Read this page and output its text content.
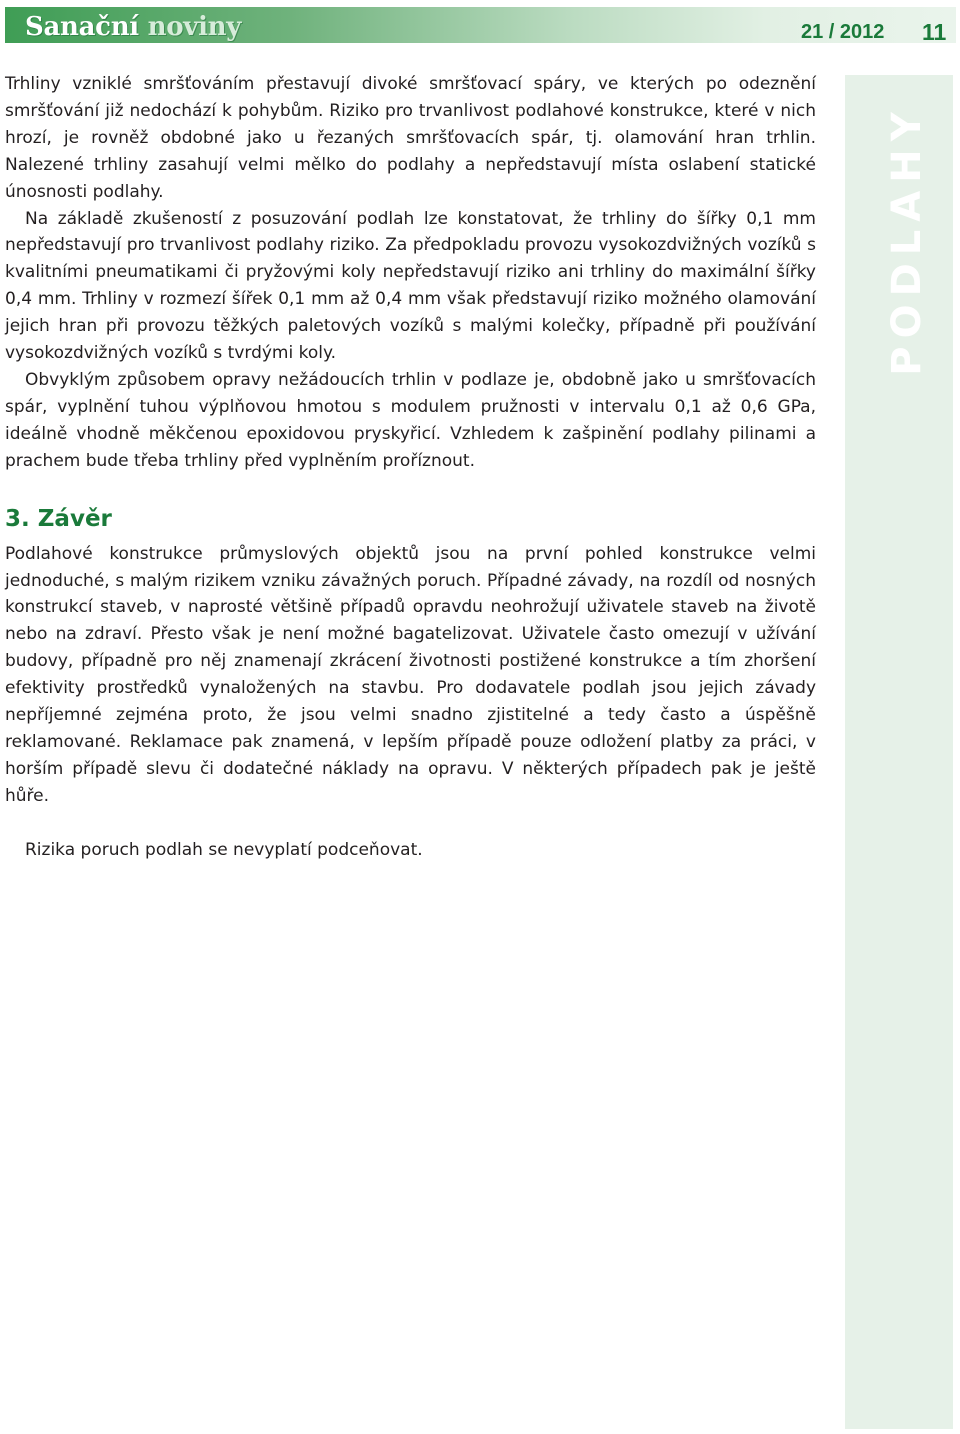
Sanační noviny	21 / 2012 11
PODLAHY

Trhliny vzniklé smršťováním přestavují divoké smršťovací spáry, ve kterých po odeznění smršťování již nedochází k pohybům. Riziko pro trvanlivost podlahové konstrukce, které v nich hrozí, je rovněž obdobné jako u řezaných smršťovacích spár, tj. olamování hran trhlin. Nalezené trhliny zasahují velmi mělko do podlahy a nepředstavují místa oslabení statické únosnosti podlahy.

Na základě zkušeností z posuzování podlah lze konstatovat, že trhliny do šířky 0,1 mm nepředstavují pro trvanlivost podlahy riziko. Za předpokladu provozu vysokozdvižných vozíků s kvalitními pneumatikami či pryžovými koly nepředstavují riziko ani trhliny do maximální šířky 0,4 mm. Trhliny v rozmezí šířek 0,1 mm až 0,4 mm však představují riziko možného olamování jejich hran při provozu těžkých paletových vozíků s malými kolečky, případně při používání vysokozdvižných vozíků s tvrdými koly.

Obvyklým způsobem opravy nežádoucích trhlin v podlaze je, obdobně jako u smršťovacích spár, vyplnění tuhou výplňovou hmotou s modulem pružnosti v intervalu 0,1 až 0,6 GPa, ideálně vhodně měkčenou epoxidovou pryskyřicí. Vzhledem k zašpinění podlahy pilinami a prachem bude třeba trhliny před vyplněním proříznout.

3. Závěr

Podlahové konstrukce průmyslových objektů jsou na první pohled konstrukce velmi jednoduché, s malým rizikem vzniku závažných poruch. Případné závady, na rozdíl od nosných konstrukcí staveb, v naprosté většině případů opravdu neohrožují uživatele staveb na životě nebo na zdraví. Přesto však je není možné bagatelizovat. Uživatele často omezují v užívání budovy, případně pro něj znamenají zkrácení životnosti postižené konstrukce a tím zhoršení efektivity prostředků vynaložených na stavbu. Pro dodavatele podlah jsou jejich závady nepříjemné zejména proto, že jsou velmi snadno zjistitelné a tedy často a úspěšně reklamované. Reklamace pak znamená, v lepším případě pouze odložení platby za práci, v horším případě slevu či dodatečné náklady na opravu. V některých případech pak je ještě hůře.

Rizika poruch podlah se nevyplatí podceňovat.
